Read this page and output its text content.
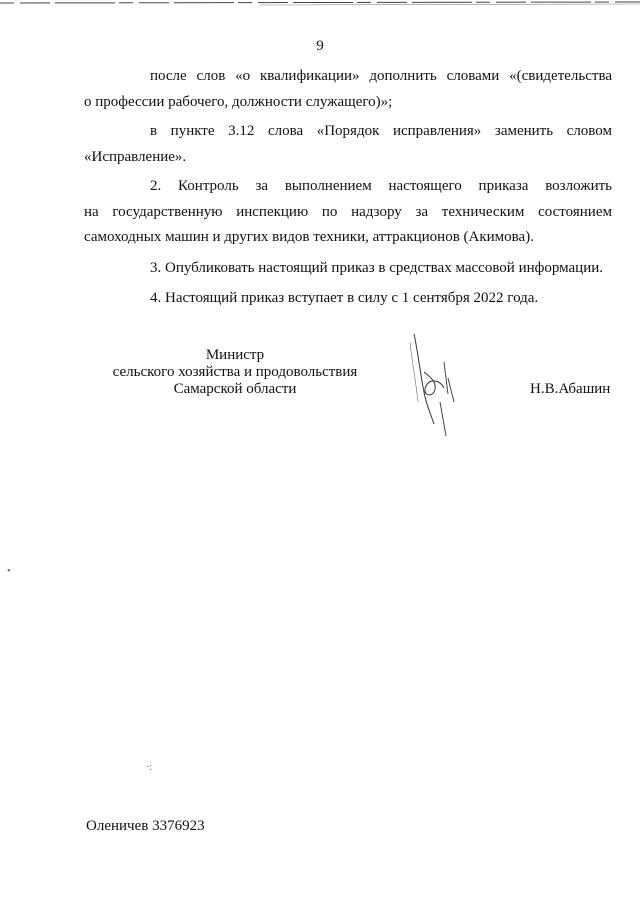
9

после слов «о квалификации» дополнить словами «(свидетельства

о профессии рабочего, должности служащего)»;

в пункте 3.12 слова «Порядок исправления» заменить словом

«Исправление».

2. Контроль за выполнением настоящего приказа возложить

на государственную инспекцию по надзору за техническим состоянием

самоходных машин и других видов техники, аттракционов (Акимова).

3. Опубликовать настоящий приказ в средствах массовой информации.

4. Настоящий приказ вступает в силу с 1 сентября 2022 года.

Министр
сельского хозяйства и продовольствия
Самарской области	Н.В.Абашин
Оленичев 3376923
•
·:
